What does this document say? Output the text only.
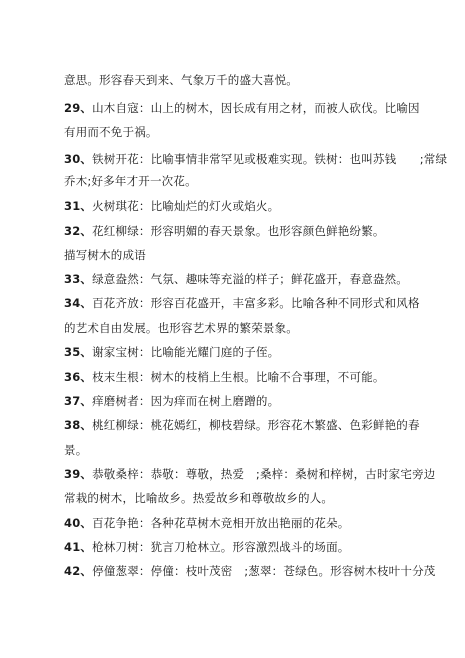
意思。形容春天到来、气象万千的盛大喜悦。
29、山木自寇：山上的树木，因长成有用之材，而被人砍伐。比喻因
有用而不免于祸。
30、铁树开花：比喻事情非常罕见或极难实现。铁树：也叫苏钱　　;常绿
乔木;好多年才开一次花。
31、火树琪花：比喻灿烂的灯火或焰火。
32、花红柳绿：形容明媚的春天景象。也形容颜色鲜艳纷繁。
描写树木的成语
33、绿意盎然：气氛、趣味等充溢的样子；鲜花盛开，春意盎然。
34、百花齐放：形容百花盛开，丰富多彩。比喻各种不同形式和风格
的艺术自由发展。也形容艺术界的繁荣景象。
35、谢家宝树：比喻能光耀门庭的子侄。
36、枝末生根：树木的枝梢上生根。比喻不合事理，不可能。
37、痒磨树者：因为痒而在树上磨蹭的。
38、桃红柳绿：桃花嫣红，柳枝碧绿。形容花木繁盛、色彩鲜艳的春
景。
39、恭敬桑梓：恭敬：尊敬，热爱　;桑梓：桑树和梓树，古时家宅旁边
常栽的树木，比喻故乡。热爱故乡和尊敬故乡的人。
40、百花争艳：各种花草树木竞相开放出艳丽的花朵。
41、枪林刀树：犹言刀枪林立。形容激烈战斗的场面。
42、停僮葱翠：停僮：枝叶茂密　;葱翠：苍绿色。形容树木枝叶十分茂
